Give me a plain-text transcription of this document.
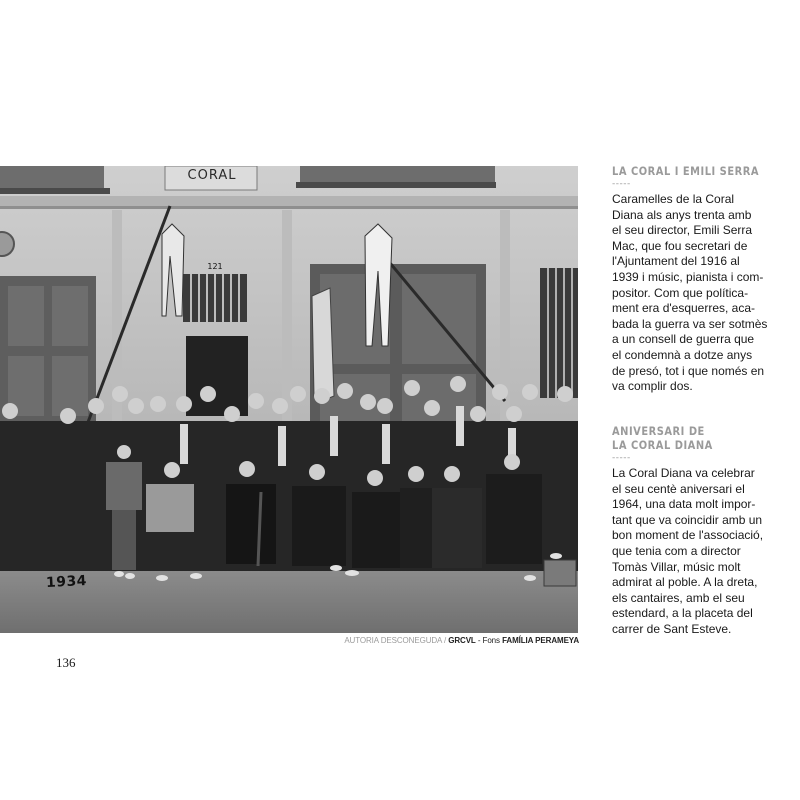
CORAL
121
1934
AUTORIA DESCONEGUDA / GRCVL - Fons FAMÍLIA PERAMEYA
136
LA CORAL I EMILI SERRA
-----

Caramelles de la Coral
Diana als anys trenta amb
el seu director, Emili Serra
Mac, que fou secretari de
l'Ajuntament del 1916 al
1939 i músic, pianista i com-
positor. Com que políticа-
ment era d'esquerres, aca-
bada la guerra va ser sotmès
a un consell de guerra que
el condemnà a dotze anys
de presó, tot i que només en
va complir dos.

ANIVERSARI DE
LA CORAL DIANA
-----

La Coral Diana va celebrar
el seu centè aniversari el
1964, una data molt impor-
tant que va coincidir amb un
bon moment de l'associació,
que tenia com a director
Tomàs Villar, músic molt
admirat al poble. A la dreta,
els cantaires, amb el seu
estendard, a la placeta del
carrer de Sant Esteve.
